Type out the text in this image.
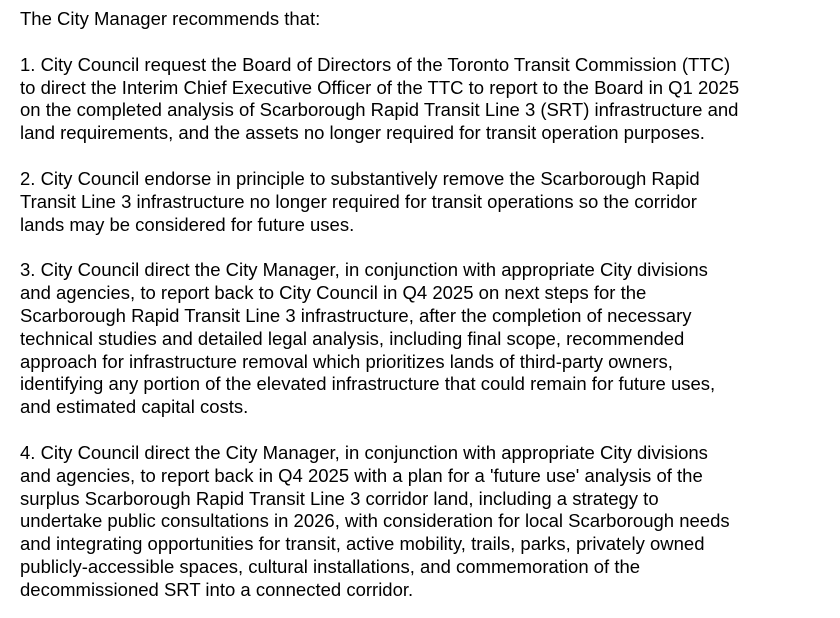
The City Manager recommends that:

1. City Council request the Board of Directors of the Toronto Transit Commission (TTC)
to direct the Interim Chief Executive Officer of the TTC to report to the Board in Q1 2025
on the completed analysis of Scarborough Rapid Transit Line 3 (SRT) infrastructure and
land requirements, and the assets no longer required for transit operation purposes.
2. City Council endorse in principle to substantively remove the Scarborough Rapid
Transit Line 3 infrastructure no longer required for transit operations so the corridor
lands may be considered for future uses.
3. City Council direct the City Manager, in conjunction with appropriate City divisions
and agencies, to report back to City Council in Q4 2025 on next steps for the
Scarborough Rapid Transit Line 3 infrastructure, after the completion of necessary
technical studies and detailed legal analysis, including final scope, recommended
approach for infrastructure removal which prioritizes lands of third-party owners,
identifying any portion of the elevated infrastructure that could remain for future uses,
and estimated capital costs.
4. City Council direct the City Manager, in conjunction with appropriate City divisions
and agencies, to report back in Q4 2025 with a plan for a 'future use' analysis of the
surplus Scarborough Rapid Transit Line 3 corridor land, including a strategy to
undertake public consultations in 2026, with consideration for local Scarborough needs
and integrating opportunities for transit, active mobility, trails, parks, privately owned
publicly-accessible spaces, cultural installations, and commemoration of the
decommissioned SRT into a connected corridor.
